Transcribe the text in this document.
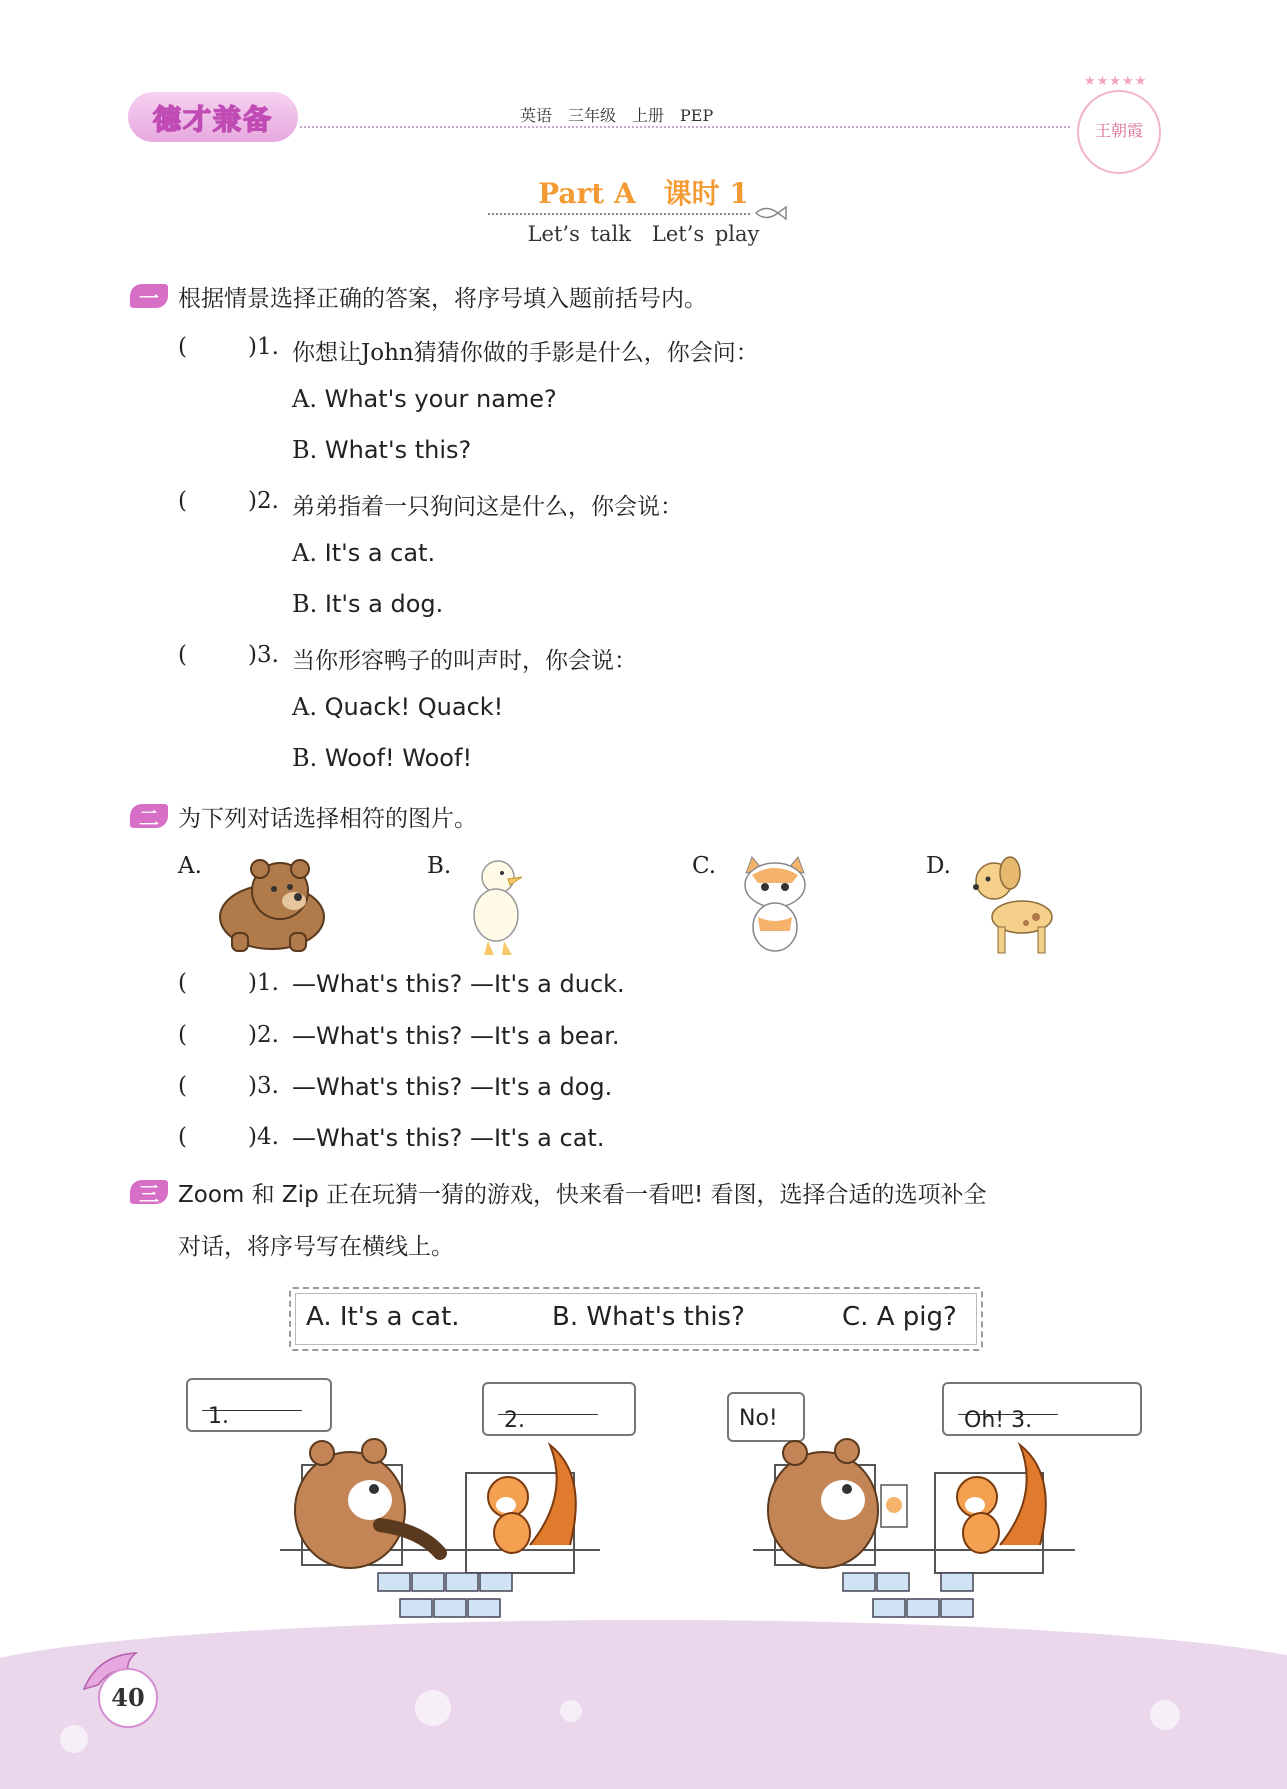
德才兼备	英语　三年级　上册　PEP
★★★★★
王朝霞
Part A　课时 1
Let’s talk　Let’s play
一 根据情景选择正确的答案，将序号填入题前括号内。
(	)1. 你想让John猜猜你做的手影是什么，你会问：
A. What's your name?
B. What's this?
(	)2. 弟弟指着一只狗问这是什么，你会说：
A. It's a cat.
B. It's a dog.
(	)3. 当你形容鸭子的叫声时，你会说：
A. Quack! Quack!
B. Woof! Woof!
二 为下列对话选择相符的图片。
A.	B.	C.	D.
(	)1. —What's this? —It's a duck.
(	)2. —What's this? —It's a bear.
(	)3. —What's this? —It's a dog.
(	)4. —What's this? —It's a cat.
三 Zoom 和 Zip 正在玩猜一猜的游戏，快来看一看吧! 看图，选择合适的选项补全
对话，将序号写在横线上。
A. It's a cat.	B. What's this?	C. A pig?
1.	2.	No!	Oh! 3.
40
